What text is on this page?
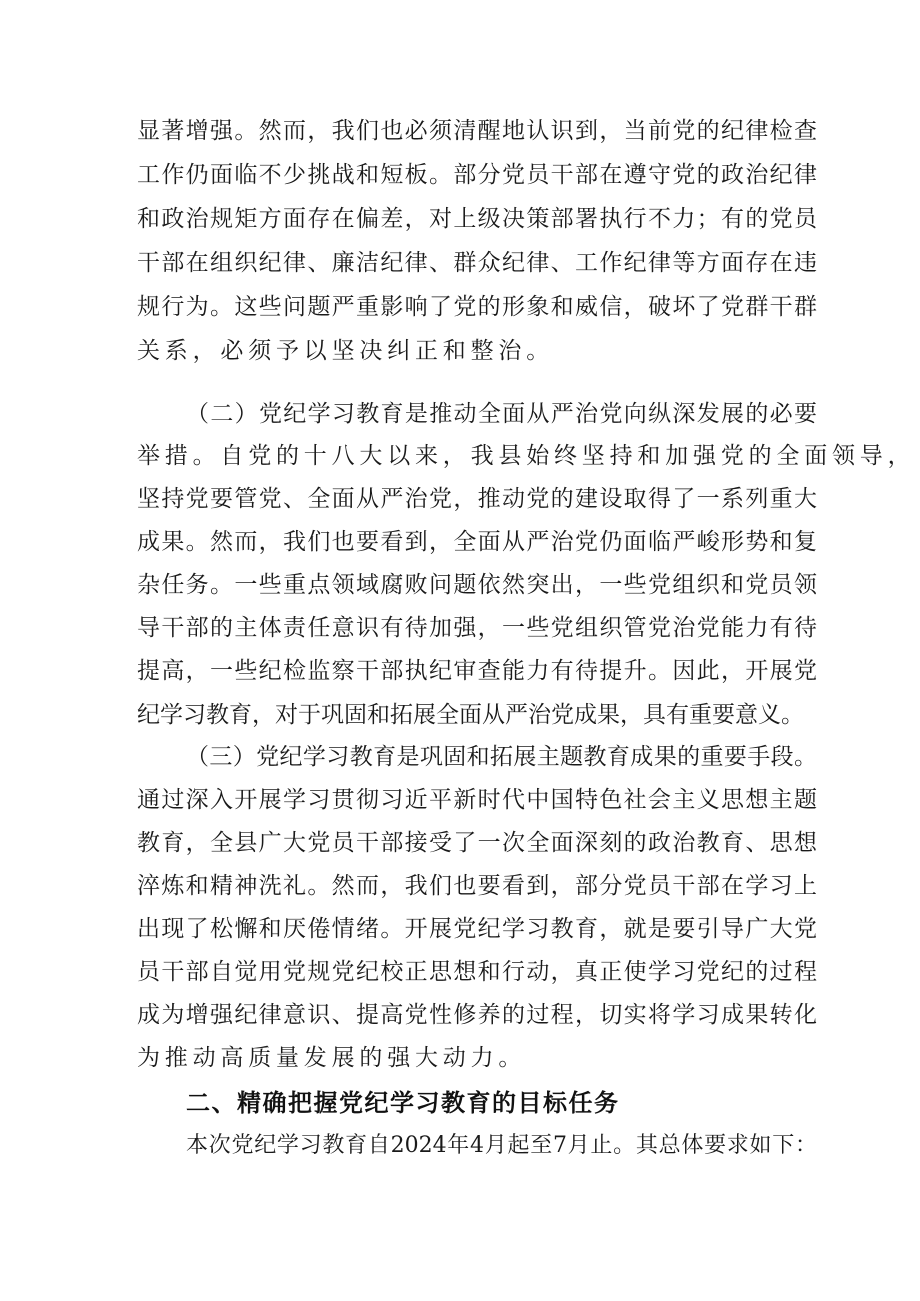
显著增强。然而，我们也必须清醒地认识到，当前党的纪律检查
工作仍面临不少挑战和短板。部分党员干部在遵守党的政治纪律
和政治规矩方面存在偏差，对上级决策部署执行不力；有的党员
干部在组织纪律、廉洁纪律、群众纪律、工作纪律等方面存在违
规行为。这些问题严重影响了党的形象和威信，破坏了党群干群
关系，必须予以坚决纠正和整治。
（二）党纪学习教育是推动全面从严治党向纵深发展的必要
举措。自党的十八大以来，我县始终坚持和加强党的全面领导，
坚持党要管党、全面从严治党，推动党的建设取得了一系列重大
成果。然而，我们也要看到，全面从严治党仍面临严峻形势和复
杂任务。一些重点领域腐败问题依然突出，一些党组织和党员领
导干部的主体责任意识有待加强，一些党组织管党治党能力有待
提高，一些纪检监察干部执纪审查能力有待提升。因此，开展党
纪学习教育，对于巩固和拓展全面从严治党成果，具有重要意义。
（三）党纪学习教育是巩固和拓展主题教育成果的重要手段。
通过深入开展学习贯彻习近平新时代中国特色社会主义思想主题
教育，全县广大党员干部接受了一次全面深刻的政治教育、思想
淬炼和精神洗礼。然而，我们也要看到，部分党员干部在学习上
出现了松懈和厌倦情绪。开展党纪学习教育，就是要引导广大党
员干部自觉用党规党纪校正思想和行动，真正使学习党纪的过程
成为增强纪律意识、提高党性修养的过程，切实将学习成果转化
为推动高质量发展的强大动力。
二、精确把握党纪学习教育的目标任务
本次党纪学习教育自2024年4月起至7月止。其总体要求如下：
